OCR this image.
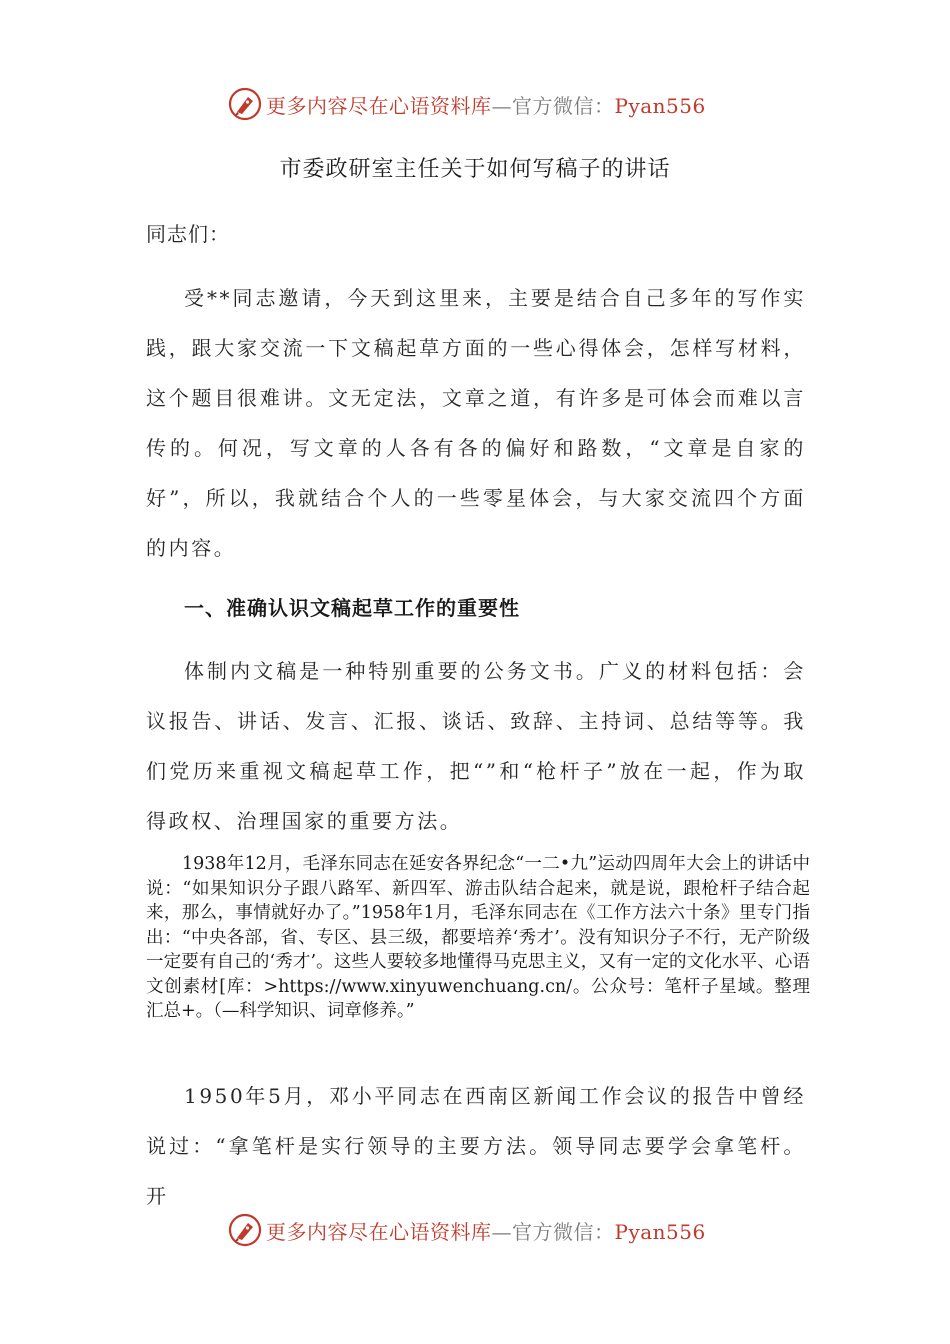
更多内容尽在心语资料库—官方微信：Pyan556
市委政研室主任关于如何写稿子的讲话
同志们：

受**同志邀请，今天到这里来，主要是结合自己多年的写作实践，跟大家交流一下文稿起草方面的一些心得体会，怎样写材料，这个题目很难讲。文无定法，文章之道，有许多是可体会而难以言传的。何况，写文章的人各有各的偏好和路数，“文章是自家的好”，所以，我就结合个人的一些零星体会，与大家交流四个方面的内容。

一、准确认识文稿起草工作的重要性

体制内文稿是一种特别重要的公务文书。广义的材料包括：会议报告、讲话、发言、汇报、谈话、致辞、主持词、总结等等。我们党历来重视文稿起草工作，把“”和“枪杆子”放在一起，作为取得政权、治理国家的重要方法。

1938年12月，毛泽东同志在延安各界纪念“一二•九”运动四周年大会上的讲话中说：“如果知识分子跟八路军、新四军、游击队结合起来，就是说，跟枪杆子结合起来，那么，事情就好办了。”1958年1月，毛泽东同志在《工作方法六十条》里专门指出：“中央各部，省、专区、县三级，都要培养‘秀才’。没有知识分子不行，无产阶级一定要有自己的‘秀才’。这些人要较多地懂得马克思主义，又有一定的文化水平、心语文创素材[库：>https://www.xinyuwenchuang.cn/。公众号：笔杆子星域。整理汇总+。（—科学知识、词章修养。”

1950年5月，邓小平同志在西南区新闻工作会议的报告中曾经说过：“拿笔杆是实行领导的主要方法。领导同志要学会拿笔杆。开

更多内容尽在心语资料库—官方微信：Pyan556
